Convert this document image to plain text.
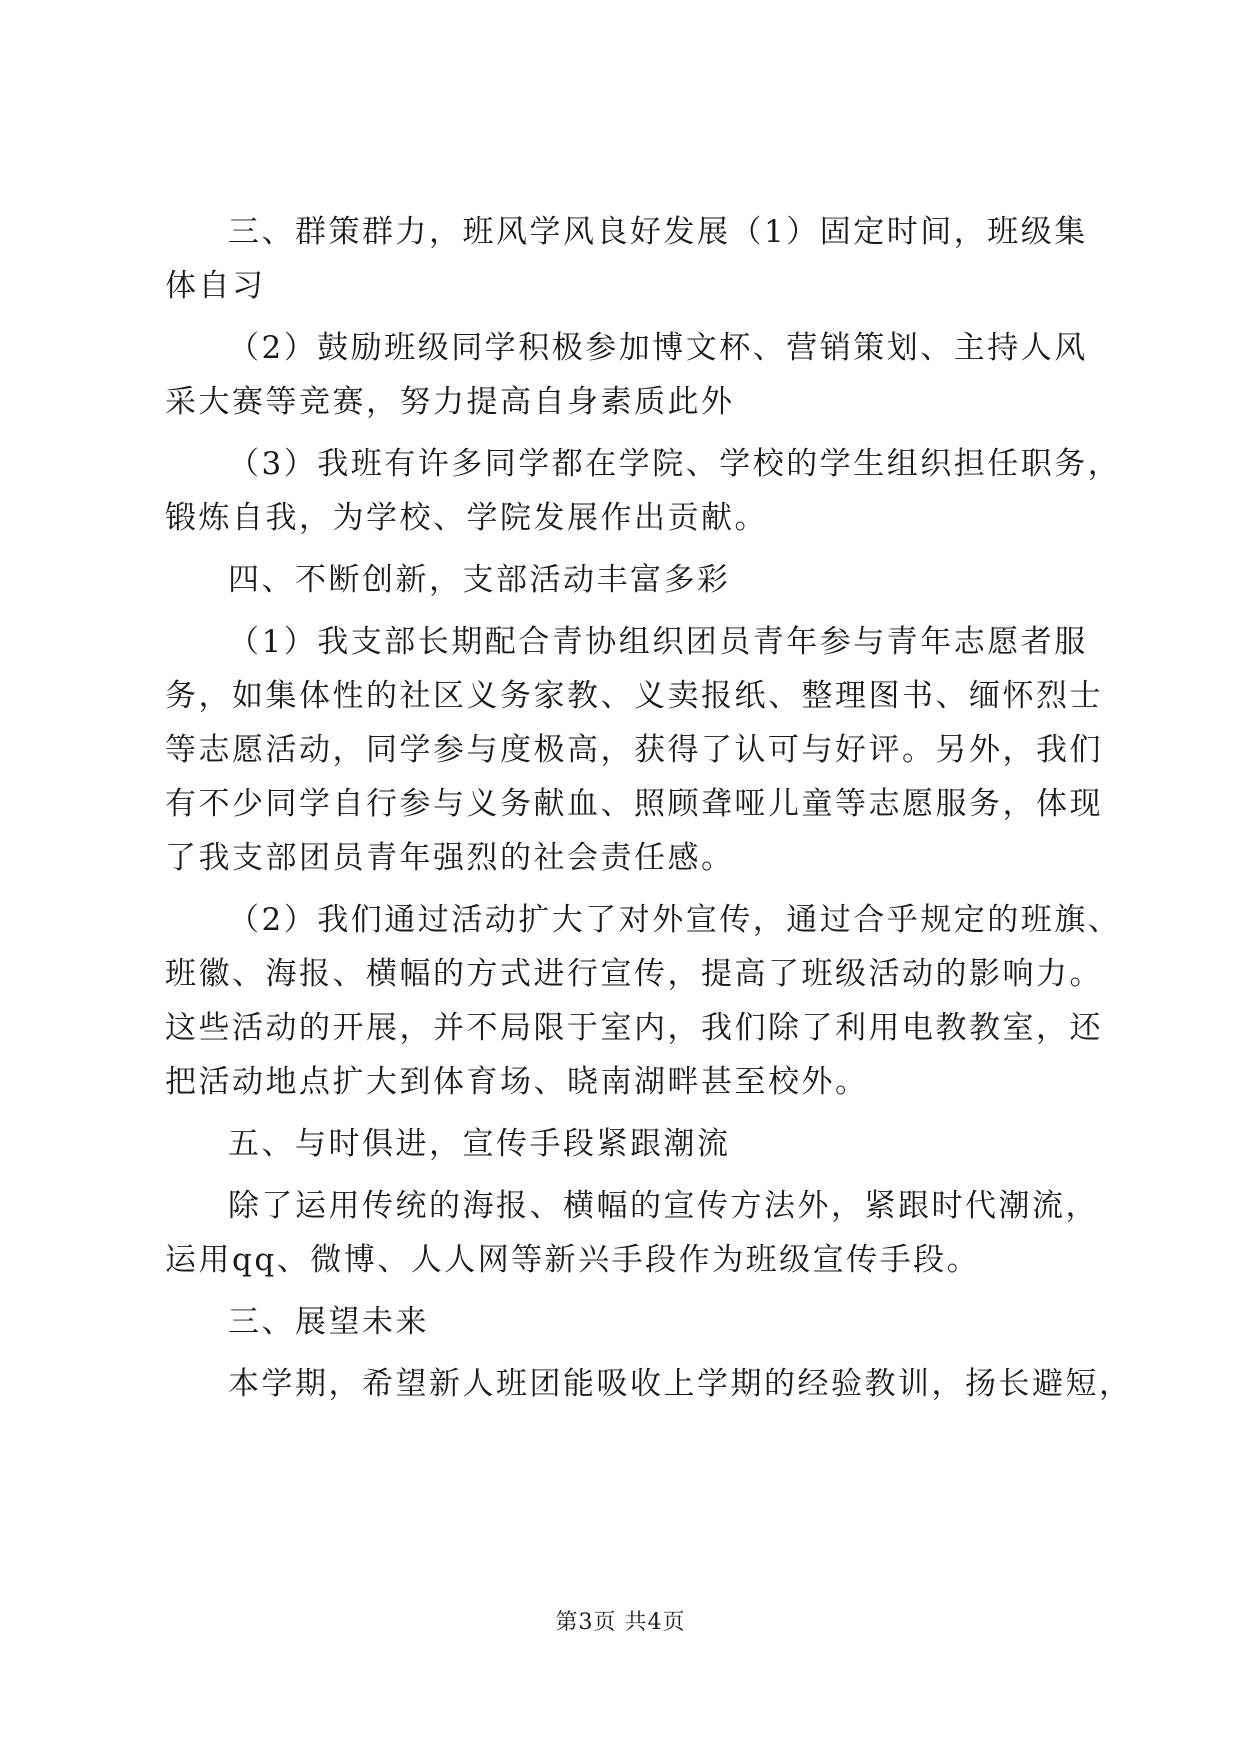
三、群策群力，班风学风良好发展（1）固定时间，班级集
体自习
（2）鼓励班级同学积极参加博文杯、营销策划、主持人风
采大赛等竞赛，努力提高自身素质此外
（3）我班有许多同学都在学院、学校的学生组织担任职务，
锻炼自我，为学校、学院发展作出贡献。
四、不断创新，支部活动丰富多彩
（1）我支部长期配合青协组织团员青年参与青年志愿者服
务，如集体性的社区义务家教、义卖报纸、整理图书、缅怀烈士
等志愿活动，同学参与度极高，获得了认可与好评。另外，我们
有不少同学自行参与义务献血、照顾聋哑儿童等志愿服务，体现
了我支部团员青年强烈的社会责任感。
（2）我们通过活动扩大了对外宣传，通过合乎规定的班旗、
班徽、海报、横幅的方式进行宣传，提高了班级活动的影响力。
这些活动的开展，并不局限于室内，我们除了利用电教教室，还
把活动地点扩大到体育场、晓南湖畔甚至校外。
五、与时俱进，宣传手段紧跟潮流
除了运用传统的海报、横幅的宣传方法外，紧跟时代潮流，
运用qq、微博、人人网等新兴手段作为班级宣传手段。
三、展望未来
本学期，希望新人班团能吸收上学期的经验教训，扬长避短，
第3页 共4页
